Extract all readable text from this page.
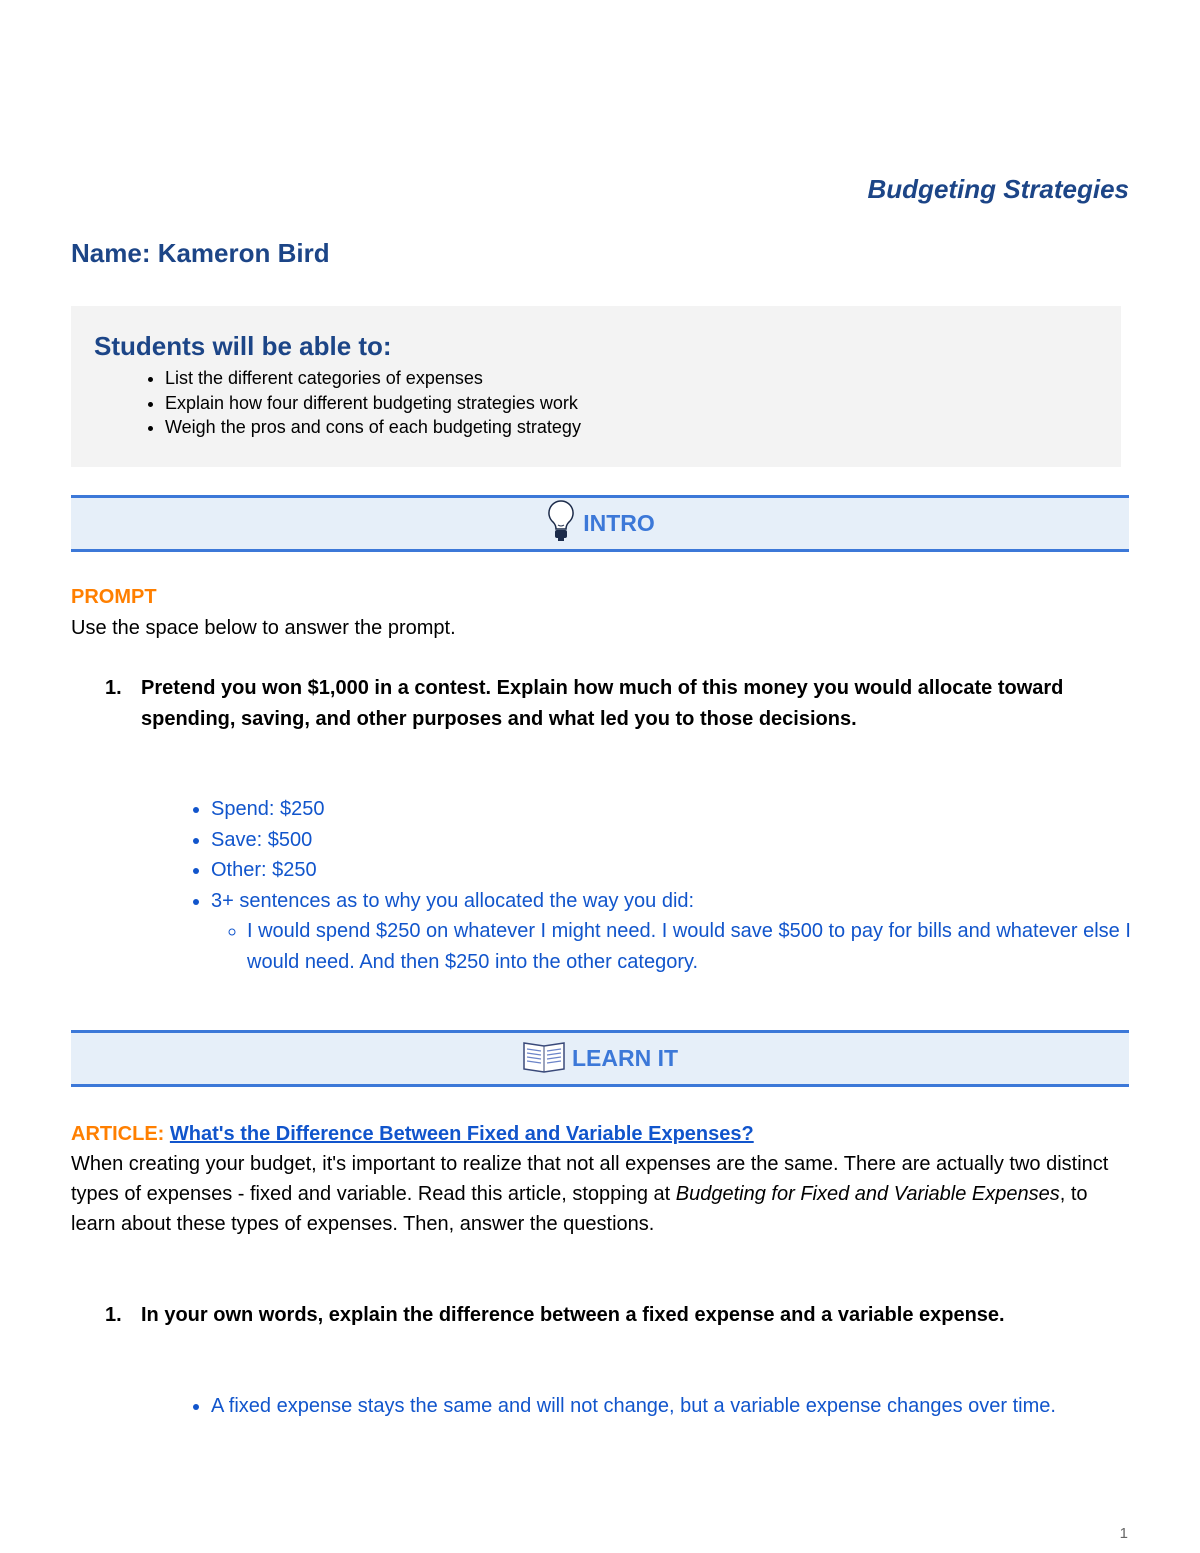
Budgeting Strategies
Name: Kameron Bird
Students will be able to:
• List the different categories of expenses
• Explain how four different budgeting strategies work
• Weigh the pros and cons of each budgeting strategy
INTRO
PROMPT
Use the space below to answer the prompt.
1. Pretend you won $1,000 in a contest. Explain how much of this money you would allocate toward spending, saving, and other purposes and what led you to those decisions.
• Spend: $250
• Save: $500
• Other: $250
• 3+ sentences as to why you allocated the way you did:
◦ I would spend $250 on whatever I might need. I would save $500 to pay for bills and whatever else I would need. And then $250 into the other category.
LEARN IT
ARTICLE: What's the Difference Between Fixed and Variable Expenses?
When creating your budget, it's important to realize that not all expenses are the same. There are actually two distinct types of expenses - fixed and variable. Read this article, stopping at Budgeting for Fixed and Variable Expenses, to learn about these types of expenses. Then, answer the questions.
1. In your own words, explain the difference between a fixed expense and a variable expense.
• A fixed expense stays the same and will not change, but a variable expense changes over time.
1
